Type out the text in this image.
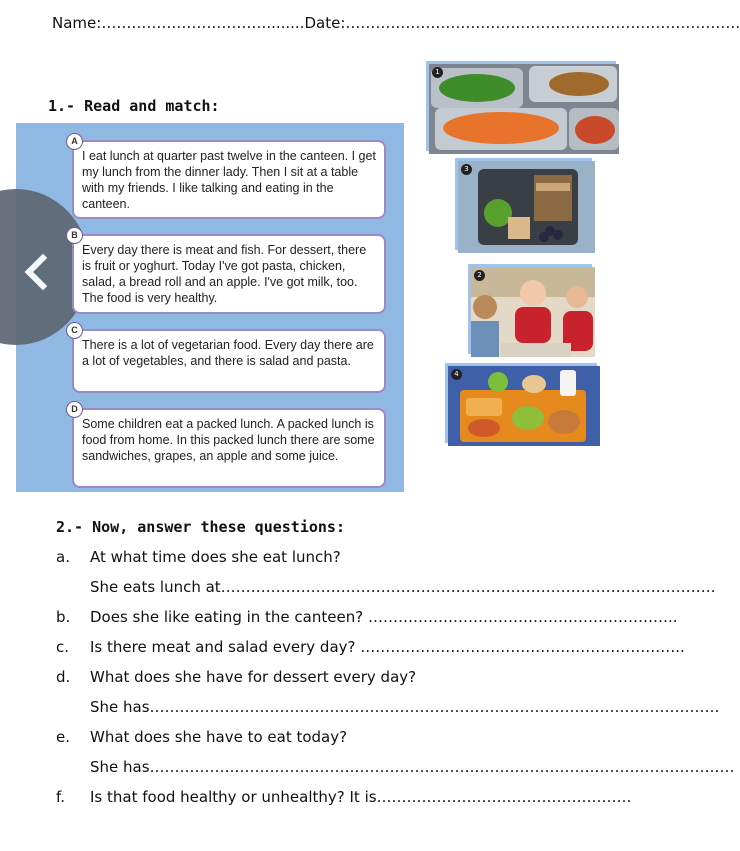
Name:……………………………........Date:…………………………………………………………………….
1.- Read and match:
A
I eat lunch at quarter past twelve in the canteen. I get my lunch from the dinner lady. Then I sit at a table with my friends. I like talking and eating in the canteen.
B
Every day there is meat and fish. For dessert, there is fruit or yoghurt. Today I've got pasta, chicken, salad, a bread roll and an apple. I've got milk, too. The food is very healthy.
C
There is a lot of vegetarian food. Every day there are a lot of vegetables, and there is salad and pasta.
D
Some children eat a packed lunch. A packed lunch is food from home. In this packed lunch there are some sandwiches, grapes, an apple and some juice.
1
3
2
4
2.- Now, answer these questions:
a. At what time does she eat lunch?
She eats lunch at………………………………………………………………………………………
b. Does she like eating in the canteen? ……………………………………………………..
c. Is there meat and salad every day? ………………………………………………………..
d. What does she have for dessert every day?
She has……………………………………………………………………………………………………
e. What does she have to eat today?
She has………………………………………………………………………………………………………
f. Is that food healthy or unhealthy? It is……………………………………………
